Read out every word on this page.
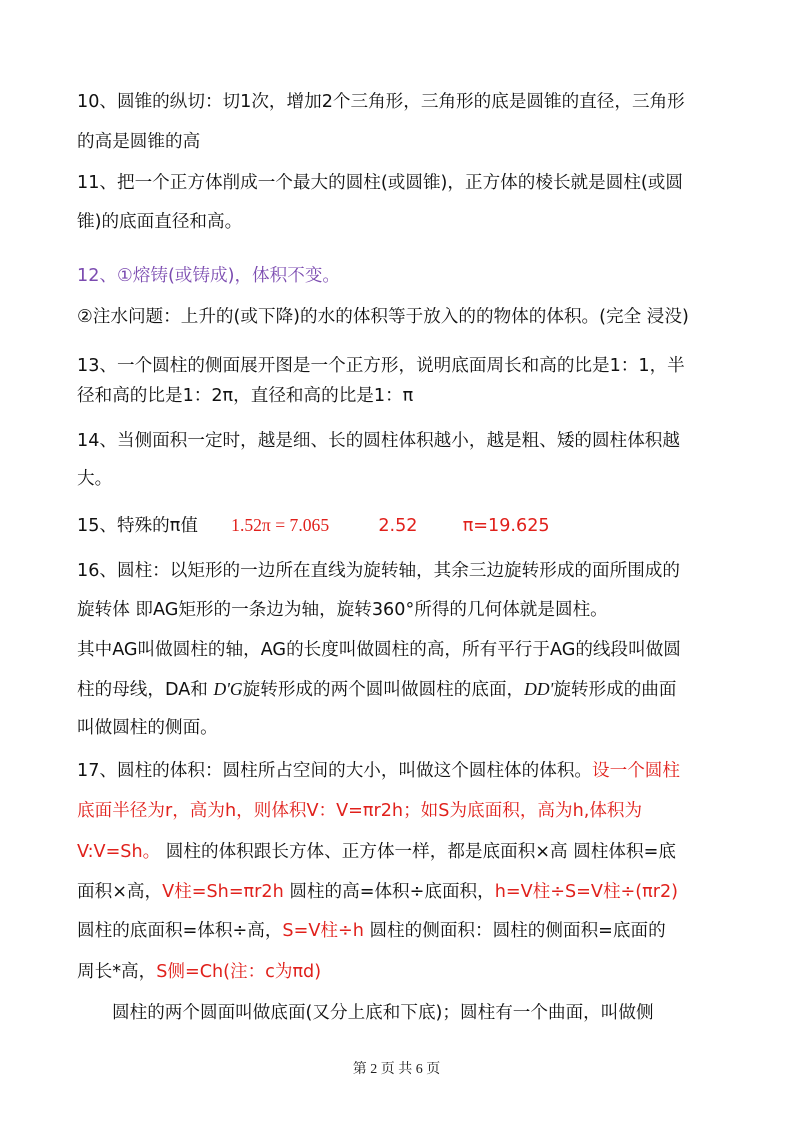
10、圆锥的纵切：切1次，增加2个三角形，三角形的底是圆锥的直径，三角形
的高是圆锥的高
11、把一个正方体削成一个最大的圆柱(或圆锥)，正方体的棱长就是圆柱(或圆
锥)的底面直径和高。
12、①熔铸(或铸成)，体积不变。
②注水问题：上升的(或下降)的水的体积等于放入的的物体的体积。(完全 浸没)
13、一个圆柱的侧面展开图是一个正方形，说明底面周长和高的比是1：1，半
径和高的比是1：2π，直径和高的比是1：π
14、当侧面积一定时，越是细、长的圆柱体积越小，越是粗、矮的圆柱体积越
大。
15、特殊的π值 1.52π = 7.065	2.52	π=19.625
16、圆柱：以矩形的一边所在直线为旋转轴，其余三边旋转形成的面所围成的
旋转体 即AG矩形的一条边为轴，旋转360°所得的几何体就是圆柱。
其中AG叫做圆柱的轴，AG的长度叫做圆柱的高，所有平行于AG的线段叫做圆
柱的母线，DA和 D'G旋转形成的两个圆叫做圆柱的底面，DD'旋转形成的曲面
叫做圆柱的侧面。
17、圆柱的体积：圆柱所占空间的大小，叫做这个圆柱体的体积。设一个圆柱
底面半径为r，高为h，则体积V：V=πr2h；如S为底面积，高为h,体积为
V:V=Sh。 圆柱的体积跟长方体、正方体一样，都是底面积×高 圆柱体积=底
面积×高，V柱=Sh=πr2h 圆柱的高=体积÷底面积，h=V柱÷S=V柱÷(πr2)
圆柱的底面积=体积÷高，S=V柱÷h 圆柱的侧面积：圆柱的侧面积=底面的
周长*高，S侧=Ch(注：c为πd)
圆柱的两个圆面叫做底面(又分上底和下底)；圆柱有一个曲面，叫做侧
第 2 页 共 6 页
